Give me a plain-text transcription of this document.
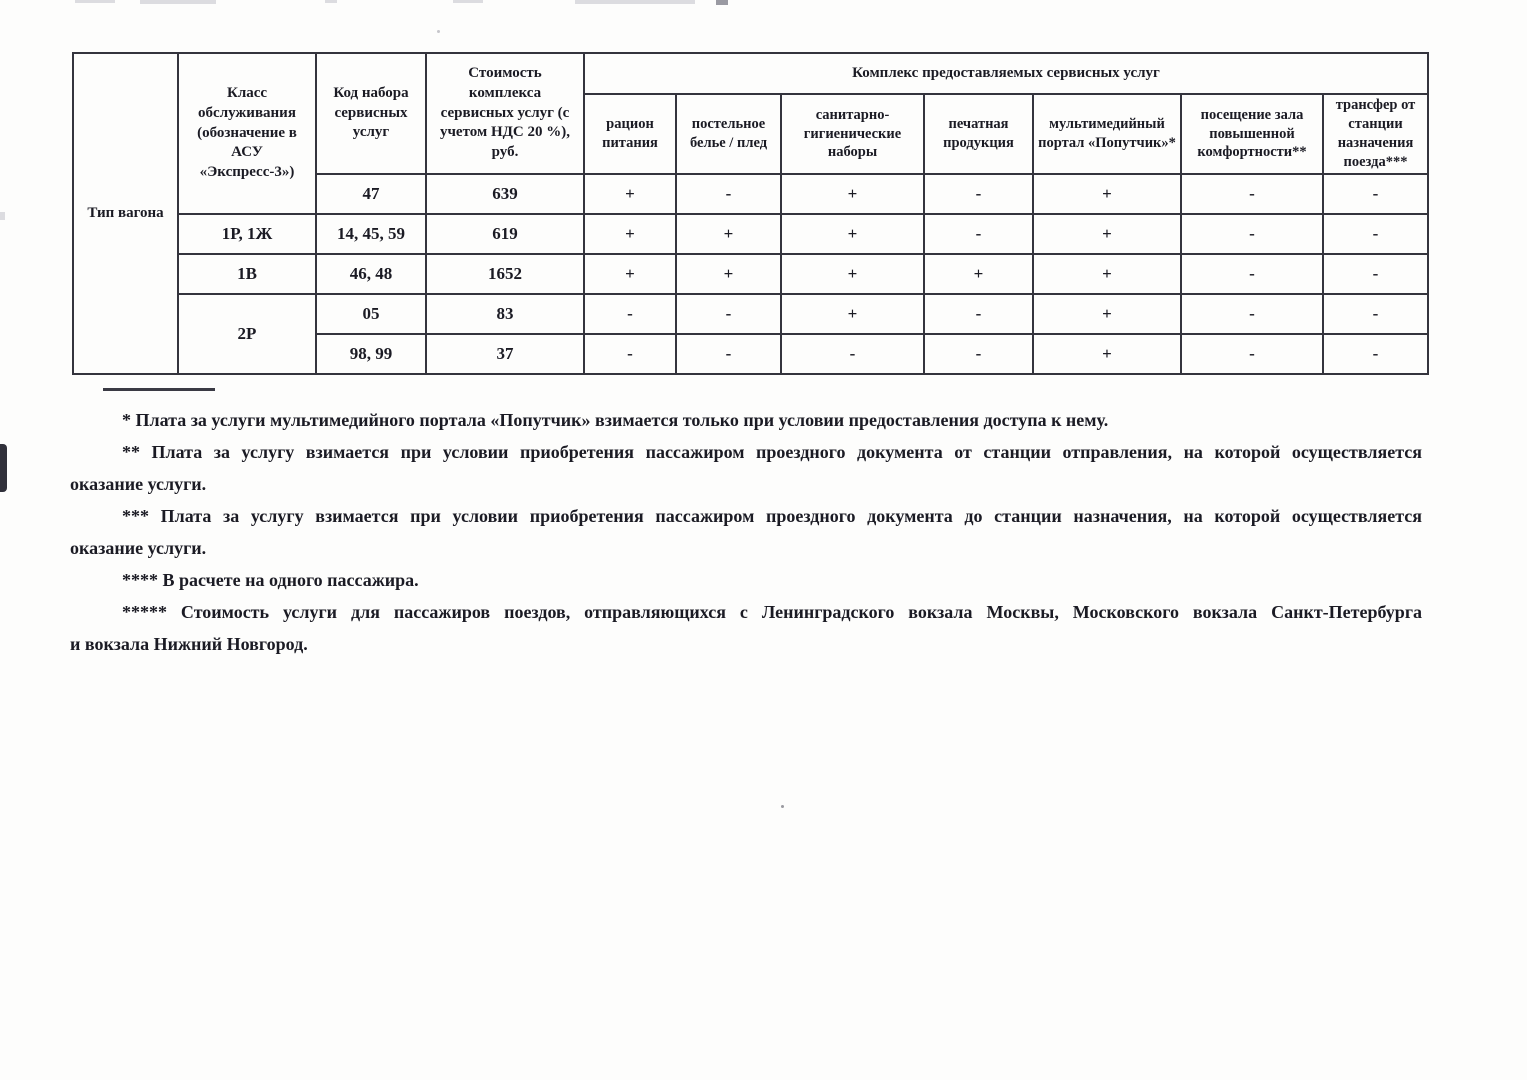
Тип вагона	Класс обслуживания (обозначение в АСУ «Экспресс-3»)	Код набора сервисных услуг	Стоимость комплекса сервисных услуг (с учетом НДС 20 %), руб.	Комплекс предоставляемых сервисных услуг						
				рацион питания	постельное белье / плед	санитарно-гигиенические наборы	печатная продукция	мультимедийный портал «Попутчик»*	посещение зала повышенной комфортности**	трансфер от станции назначения поезда***
		47	639	+	-	+	-	+	-	-
	1Р, 1Ж	14, 45, 59	619	+	+	+	-	+	-	-
	1В	46, 48	1652	+	+	+	+	+	-	-
	2Р	05	83	-	-	+	-	+	-	-
		98, 99	37	-	-	-	-	+	-	-
* Плата за услуги мультимедийного портала «Попутчик» взимается только при условии предоставления доступа к нему.
** Плата за услугу взимается при условии приобретения пассажиром проездного документа от станции отправления, на которой осуществляется
оказание услуги.
*** Плата за услугу взимается при условии приобретения пассажиром проездного документа до станции назначения, на которой осуществляется
оказание услуги.
**** В расчете на одного пассажира.
***** Стоимость услуги для пассажиров поездов, отправляющихся с Ленинградского вокзала Москвы, Московского вокзала Санкт-Петербурга
и вокзала Нижний Новгород.
